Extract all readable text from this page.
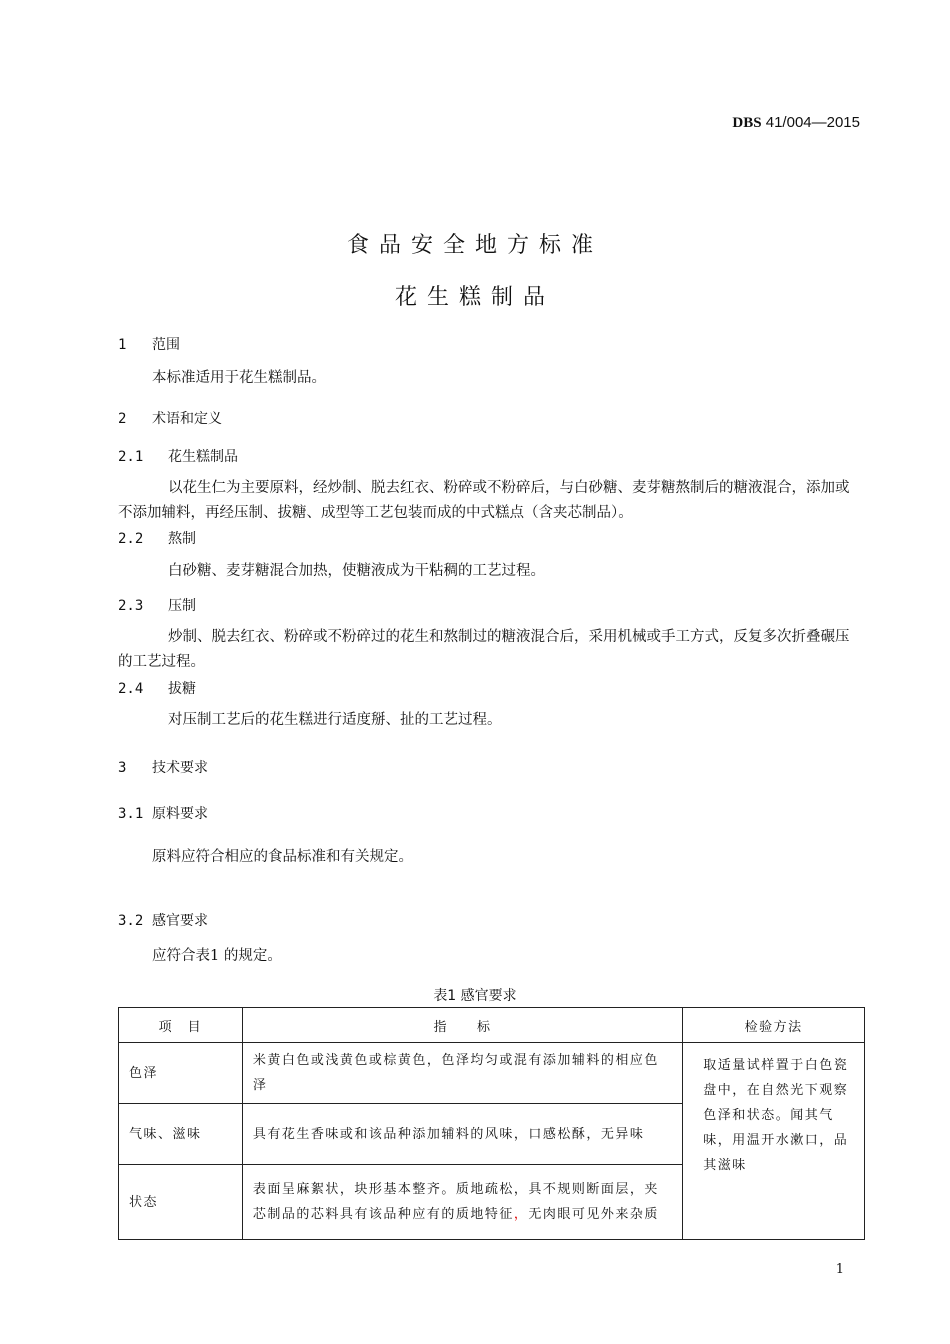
DBS 41/004—2015
食品安全地方标准
花生糕制品
1 范围
本标准适用于花生糕制品。
2 术语和定义
2.1 花生糕制品
以花生仁为主要原料，经炒制、脱去红衣、粉碎或不粉碎后，与白砂糖、麦芽糖熬制后的糖液混合，添加或不添加辅料，再经压制、拔糖、成型等工艺包装而成的中式糕点（含夹芯制品）。
2.2 熬制
白砂糖、麦芽糖混合加热，使糖液成为干粘稠的工艺过程。
2.3 压制
炒制、脱去红衣、粉碎或不粉碎过的花生和熬制过的糖液混合后，采用机械或手工方式，反复多次折叠碾压的工艺过程。
2.4 拔糖
对压制工艺后的花生糕进行适度掰、扯的工艺过程。
3 技术要求
3.1 原料要求
原料应符合相应的食品标准和有关规定。
3.2 感官要求
应符合表1 的规定。
表1 感官要求
项　目	指　　标	检验方法
色泽	米黄白色或浅黄色或棕黄色，色泽均匀或混有添加辅料的相应色泽	取适量试样置于白色瓷盘中，在自然光下观察色泽和状态。闻其气味，用温开水漱口，品其滋味
气味、滋味	具有花生香味或和该品种添加辅料的风味，口感松酥，无异味	
状态	表面呈麻絮状，块形基本整齐。质地疏松，具不规则断面层，夹芯制品的芯料具有该品种应有的质地特征，无肉眼可见外来杂质	
1
